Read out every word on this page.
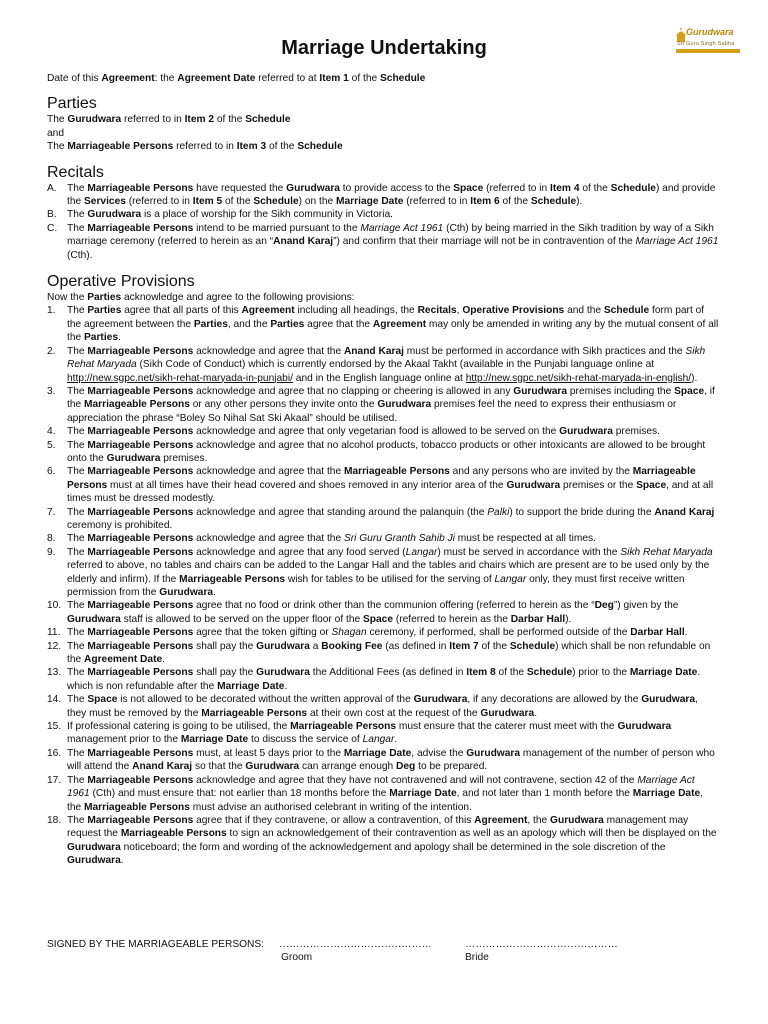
Marriage Undertaking
Gurudwara
Sri Guru Singh Sabha

Date of this Agreement: the Agreement Date referred to at Item 1 of the Schedule

Parties

The Gurudwara referred to in Item 2 of the Schedule

and

The Marriageable Persons referred to in Item 3 of the Schedule

Recitals
A. The Marriageable Persons have requested the Gurudwara to provide access to the Space (referred to in Item 4 of the Schedule) and provide the Services (referred to in Item 5 of the Schedule) on the Marriage Date (referred to in Item 6 of the Schedule).
B. The Gurudwara is a place of worship for the Sikh community in Victoria.
C. The Marriageable Persons intend to be married pursuant to the Marriage Act 1961 (Cth) by being married in the Sikh tradition by way of a Sikh marriage ceremony (referred to herein as an “Anand Karaj”) and confirm that their marriage will not be in contravention of the Marriage Act 1961 (Cth).
Operative Provisions

Now the Parties acknowledge and agree to the following provisions:

1. The Parties agree that all parts of this Agreement including all headings, the Recitals, Operative Provisions and the Schedule form part of the agreement between the Parties, and the Parties agree that the Agreement may only be amended in writing any by the mutual consent of all the Parties.
2. The Marriageable Persons acknowledge and agree that the Anand Karaj must be performed in accordance with Sikh practices and the Sikh Rehat Maryada (Sikh Code of Conduct) which is currently endorsed by the Akaal Takht (available in the Punjabi language online at http://new.sgpc.net/sikh-rehat-maryada-in-punjabi/ and in the English language online at http://new.sgpc.net/sikh-rehat-maryada-in-english/).
3. The Marriageable Persons acknowledge and agree that no clapping or cheering is allowed in any Gurudwara premises including the Space, if the Marriageable Persons or any other persons they invite onto the Gurudwara premises feel the need to express their enthusiasm or appreciation the phrase “Boley So Nihal Sat Ski Akaal” should be utilised.
4. The Marriageable Persons acknowledge and agree that only vegetarian food is allowed to be served on the Gurudwara premises.
5. The Marriageable Persons acknowledge and agree that no alcohol products, tobacco products or other intoxicants are allowed to be brought onto the Gurudwara premises.
6. The Marriageable Persons acknowledge and agree that the Marriageable Persons and any persons who are invited by the Marriageable Persons must at all times have their head covered and shoes removed in any interior area of the Gurudwara premises or the Space, and at all times must be dressed modestly.
7. The Marriageable Persons acknowledge and agree that standing around the palanquin (the Palki) to support the bride during the Anand Karaj ceremony is prohibited.
8. The Marriageable Persons acknowledge and agree that the Sri Guru Granth Sahib Ji must be respected at all times.
9. The Marriageable Persons acknowledge and agree that any food served (Langar) must be served in accordance with the Sikh Rehat Maryada referred to above, no tables and chairs can be added to the Langar Hall and the tables and chairs which are present are to be used only by the elderly and infirm). If the Marriageable Persons wish for tables to be utilised for the serving of Langar only, they must first receive written permission from the Gurudwara.
10. The Marriageable Persons agree that no food or drink other than the communion offering (referred to herein as the “Deg”) given by the Gurudwara staff is allowed to be served on the upper floor of the Space (referred to herein as the Darbar Hall).
11. The Marriageable Persons agree that the token gifting or Shagan ceremony, if performed, shall be performed outside of the Darbar Hall.
12. The Marriageable Persons shall pay the Gurudwara a Booking Fee (as defined in Item 7 of the Schedule) which shall be non refundable on the Agreement Date.
13. The Marriageable Persons shall pay the Gurudwara the Additional Fees (as defined in Item 8 of the Schedule) prior to the Marriage Date. which is non refundable after the Marriage Date.
14. The Space is not allowed to be decorated without the written approval of the Gurudwara, if any decorations are allowed by the Gurudwara, they must be removed by the Marriageable Persons at their own cost at the request of the Gurudwara.
15. If professional catering is going to be utilised, the Marriageable Persons must ensure that the caterer must meet with the Gurudwara management prior to the Marriage Date to discuss the service of Langar.
16. The Marriageable Persons must, at least 5 days prior to the Marriage Date, advise the Gurudwara management of the number of person who will attend the Anand Karaj so that the Gurudwara can arrange enough Deg to be prepared.
17. The Marriageable Persons acknowledge and agree that they have not contravened and will not contravene, section 42 of the Marriage Act 1961 (Cth) and must ensure that: not earlier than 18 months before the Marriage Date, and not later than 1 month before the Marriage Date, the Marriageable Persons must advise an authorised celebrant in writing of the intention.
18. The Marriageable Persons agree that if they contravene, or allow a contravention, of this Agreement, the Gurudwara management may request the Marriageable Persons to sign an acknowledgement of their contravention as well as an apology which will then be displayed on the Gurudwara noticeboard; the form and wording of the acknowledgement and apology shall be determined in the sole discretion of the Gurudwara.
SIGNED BY THE MARRIAGEABLE PERSONS: ………………………………………	………………………………………
Groom	Bride
